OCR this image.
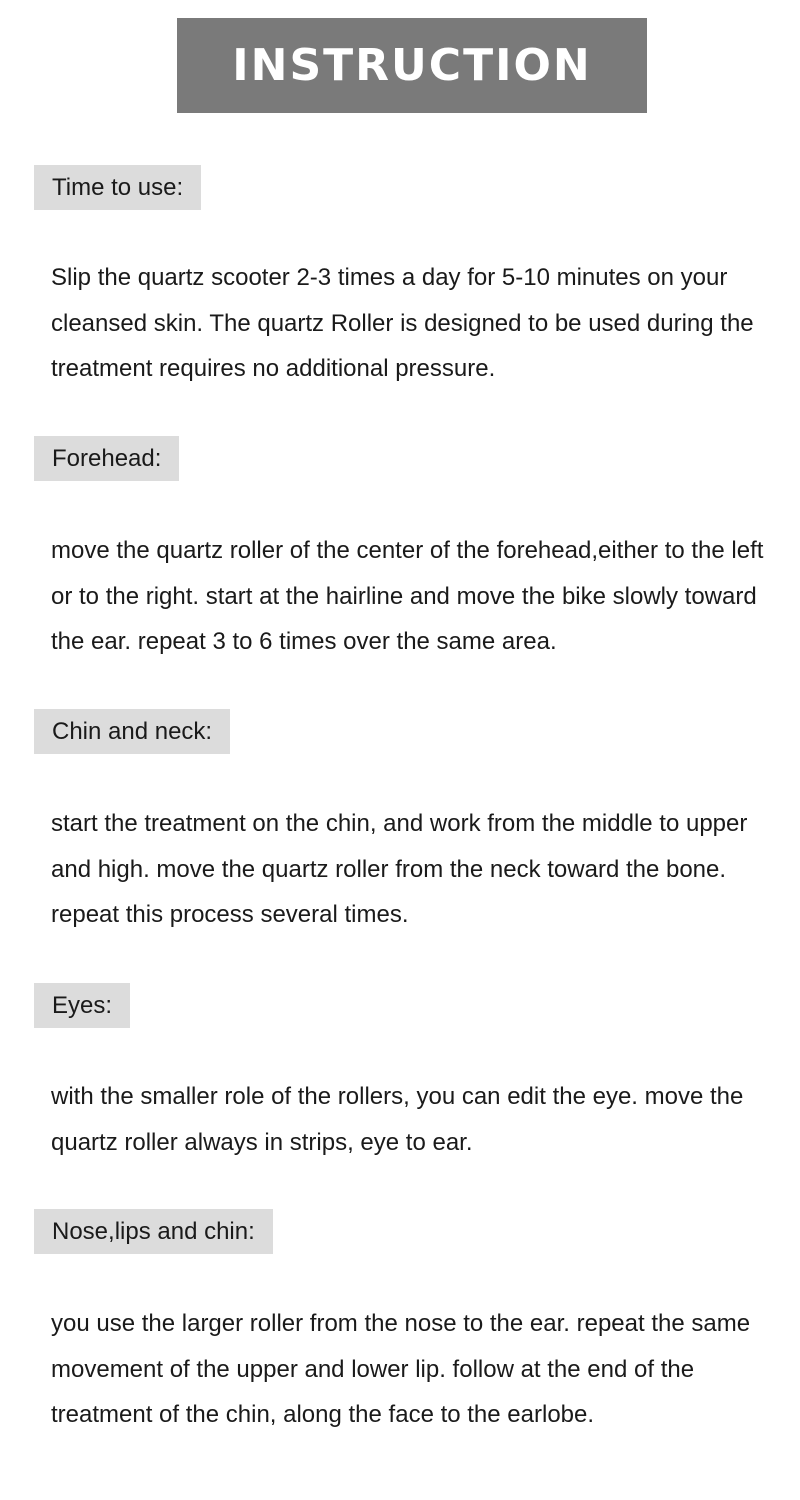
INSTRUCTION
Time to use:

Slip the quartz scooter 2-3 times a day for 5-10 minutes on your cleansed skin. The quartz Roller is designed to be used during the treatment requires no additional pressure.

Forehead:

move the quartz roller of the center of the forehead,either to the left or to the right. start at the hairline and move the bike slowly toward the ear. repeat 3 to 6 times over the same area.

Chin and neck:

start the treatment on the chin, and work from the middle to upper and high. move the quartz roller from the neck toward the bone. repeat this process several times.

Eyes:

with the smaller role of the rollers, you can edit the eye. move the quartz roller always in strips, eye to ear.

Nose,lips and chin:

you use the larger roller from the nose to the ear. repeat the same movement of the upper and lower lip. follow at the end of the treatment of the chin, along the face to the earlobe.
